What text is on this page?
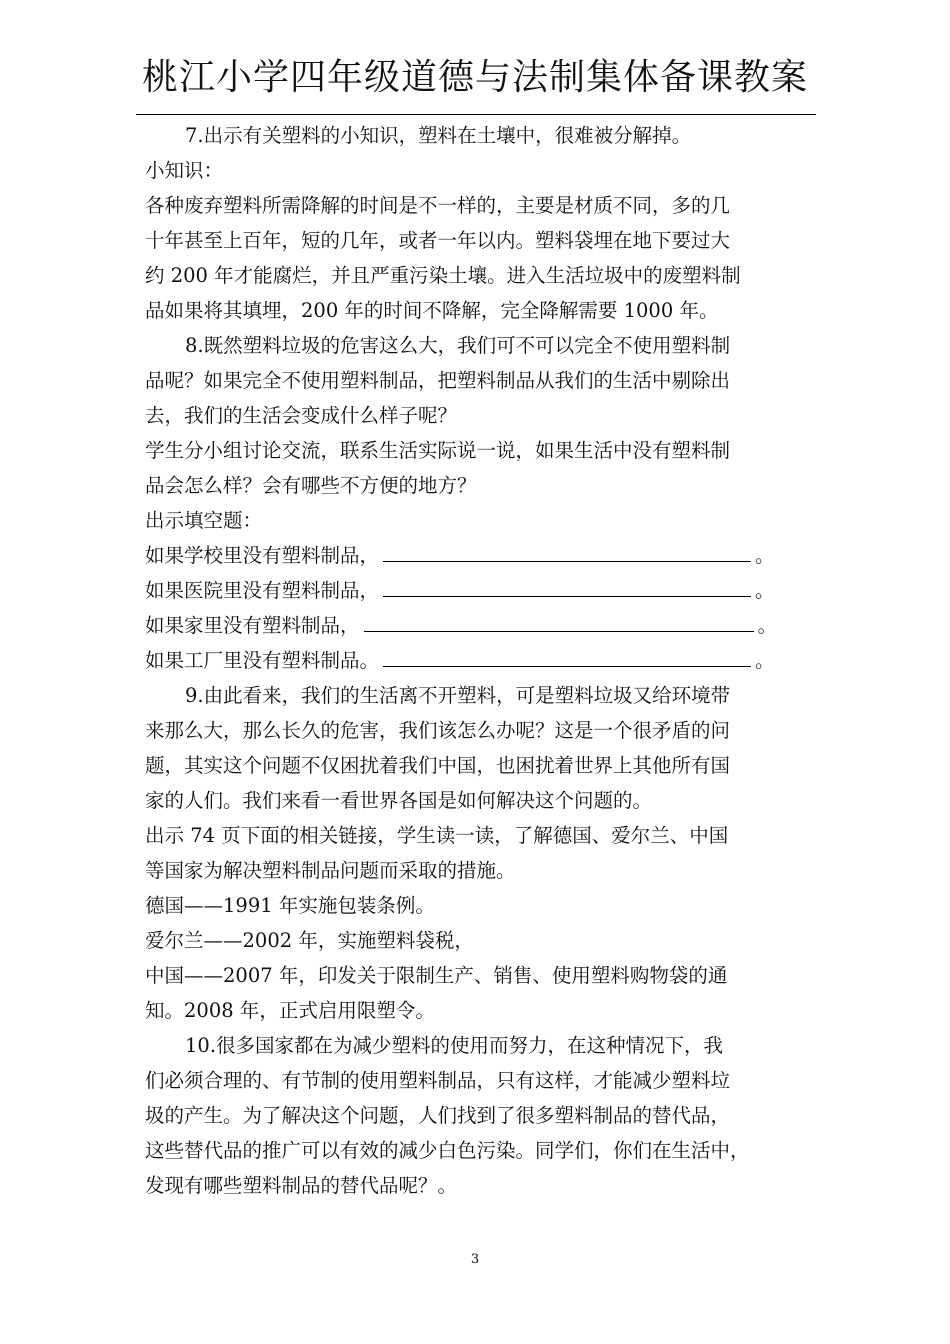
桃江小学四年级道德与法制集体备课教案
7.出示有关塑料的小知识，塑料在土壤中，很难被分解掉。
小知识：
各种废弃塑料所需降解的时间是不一样的，主要是材质不同，多的几
十年甚至上百年，短的几年，或者一年以内。塑料袋埋在地下要过大
约 200 年才能腐烂，并且严重污染土壤。进入生活垃圾中的废塑料制
品如果将其填埋，200 年的时间不降解，完全降解需要 1000 年。
8.既然塑料垃圾的危害这么大，我们可不可以完全不使用塑料制
品呢？如果完全不使用塑料制品，把塑料制品从我们的生活中剔除出
去，我们的生活会变成什么样子呢？
学生分小组讨论交流，联系生活实际说一说，如果生活中没有塑料制
品会怎么样？会有哪些不方便的地方？
出示填空题：
如果学校里没有塑料制品，	。
如果医院里没有塑料制品，	。
如果家里没有塑料制品，	。
如果工厂里没有塑料制品。	。
9.由此看来，我们的生活离不开塑料，可是塑料垃圾又给环境带
来那么大，那么长久的危害，我们该怎么办呢？这是一个很矛盾的问
题，其实这个问题不仅困扰着我们中国，也困扰着世界上其他所有国
家的人们。我们来看一看世界各国是如何解决这个问题的。
出示 74 页下面的相关链接，学生读一读，了解德国、爱尔兰、中国
等国家为解决塑料制品问题而采取的措施。
德国——1991 年实施包装条例。
爱尔兰——2002 年，实施塑料袋税，
中国——2007 年，印发关于限制生产、销售、使用塑料购物袋的通
知。2008 年，正式启用限塑令。
10.很多国家都在为减少塑料的使用而努力，在这种情况下，我
们必须合理的、有节制的使用塑料制品，只有这样，才能减少塑料垃
圾的产生。为了解决这个问题，人们找到了很多塑料制品的替代品，
这些替代品的推广可以有效的减少白色污染。同学们，你们在生活中，
发现有哪些塑料制品的替代品呢？。
3
